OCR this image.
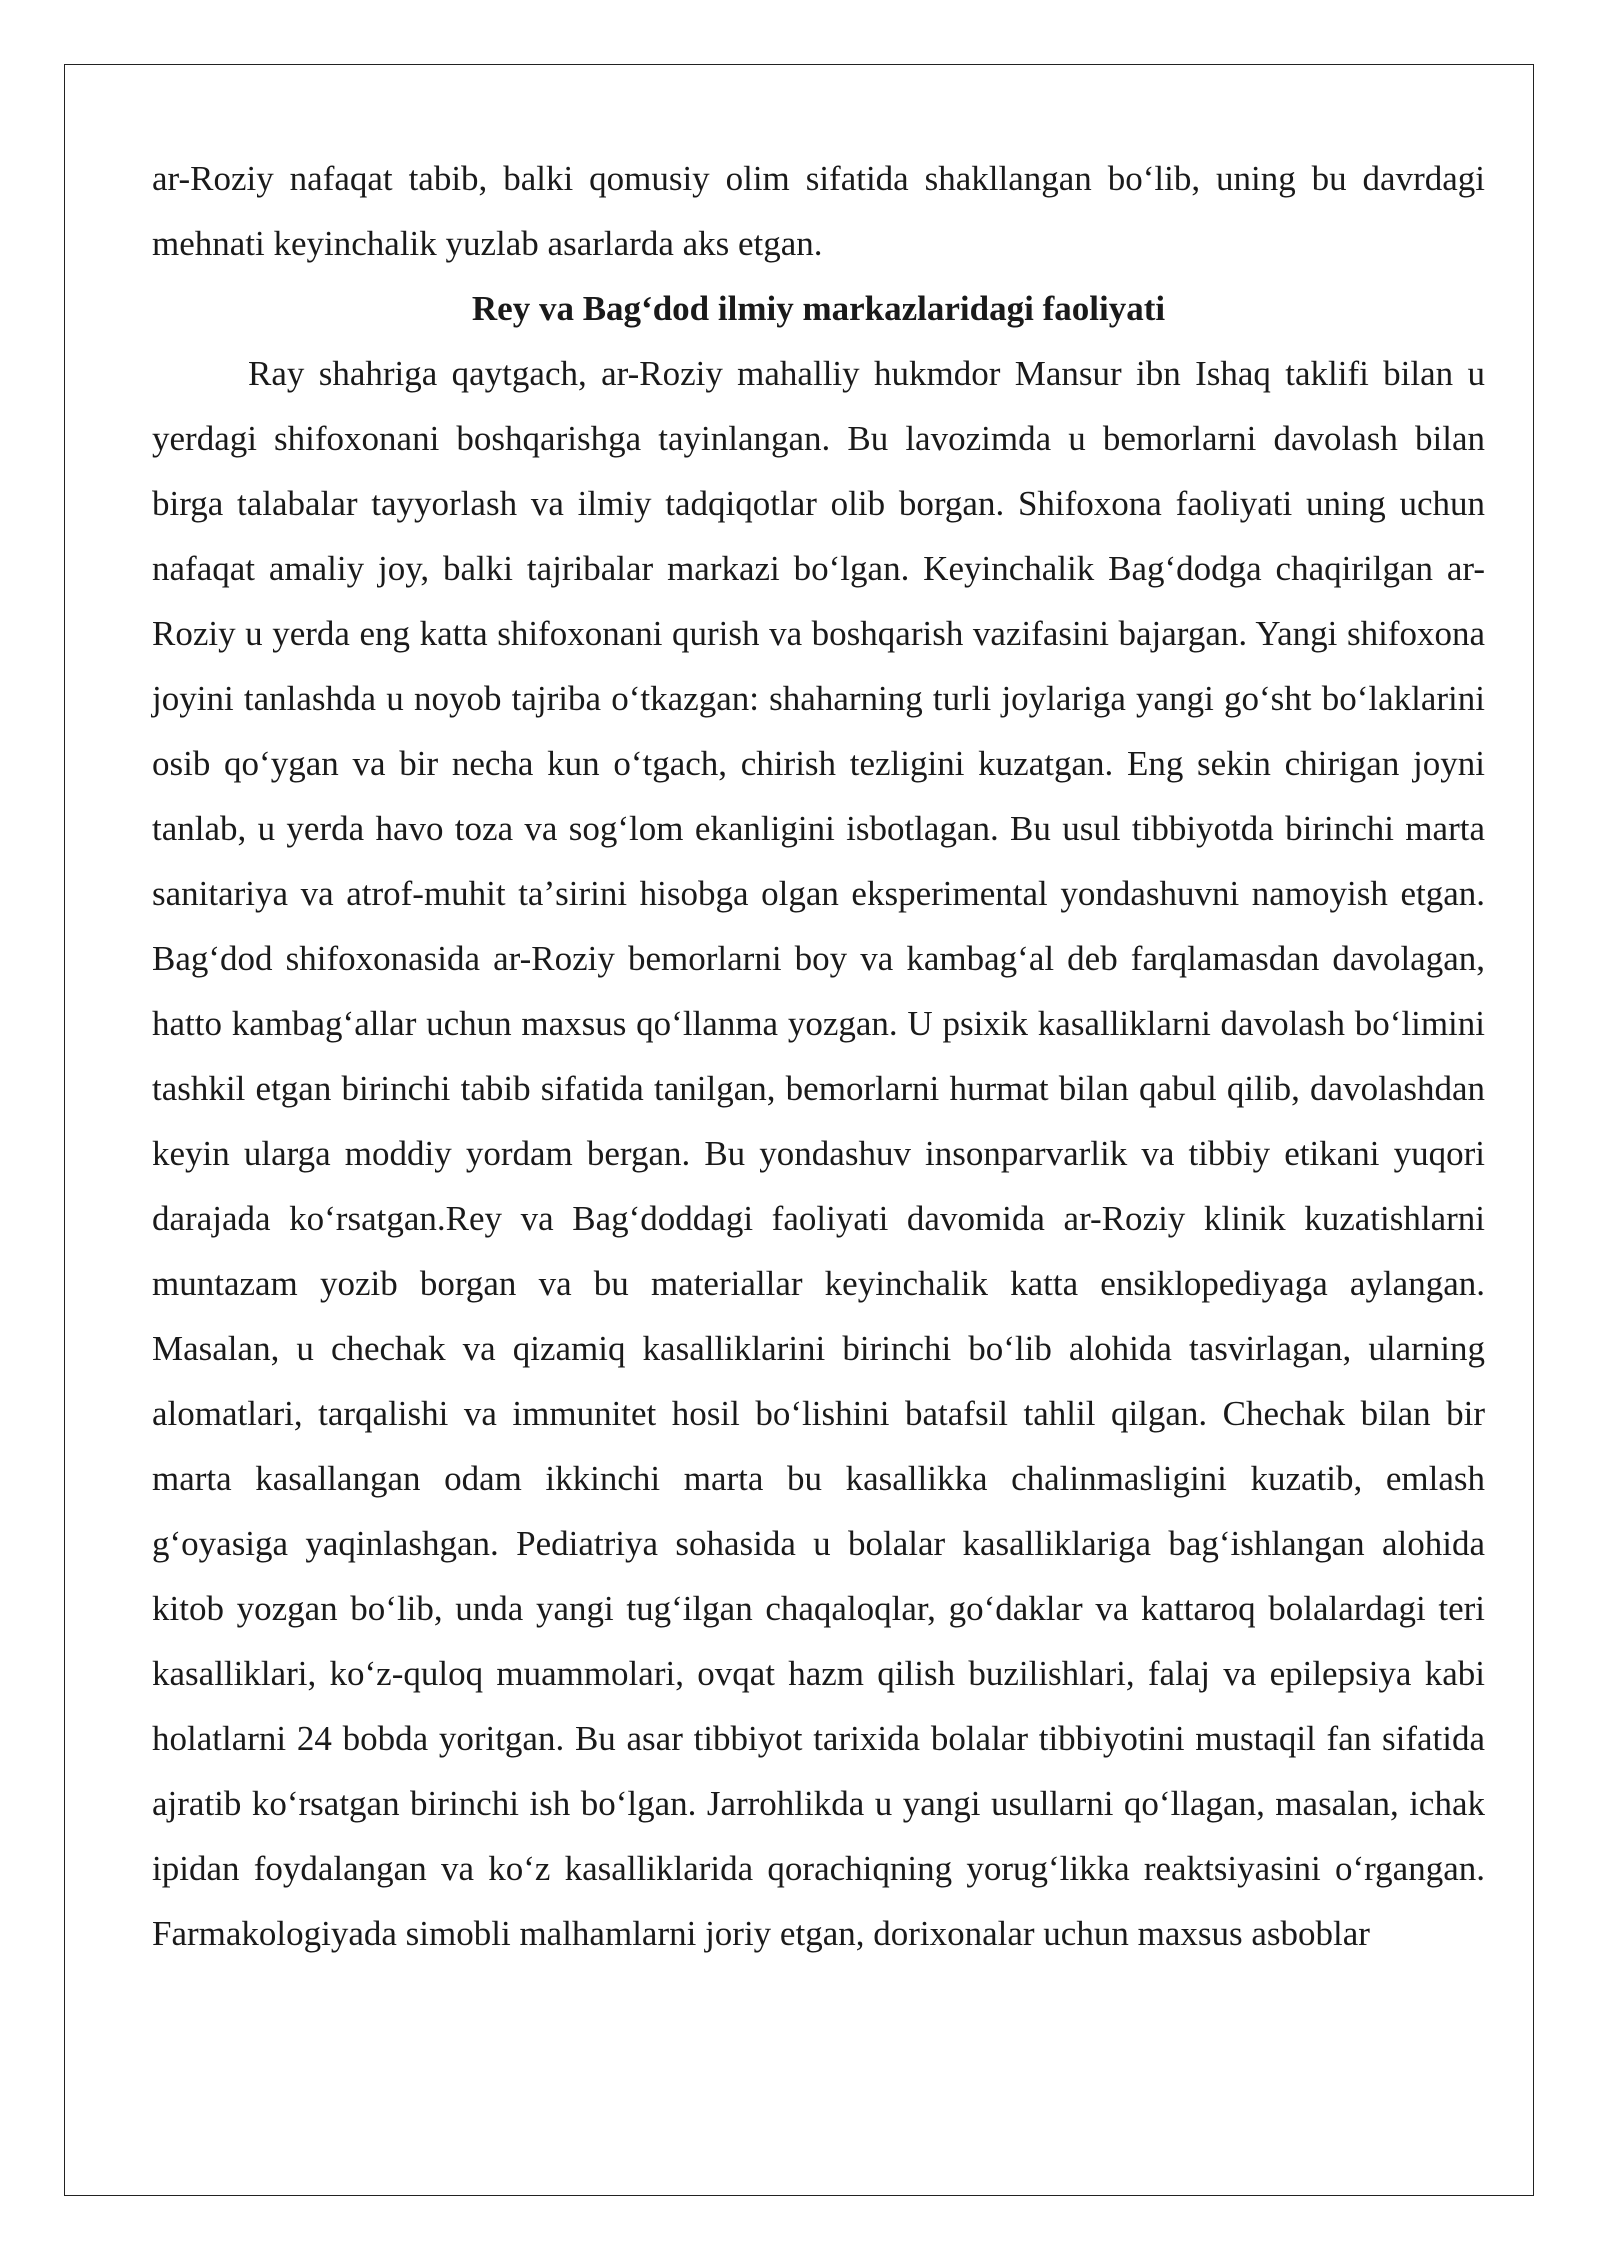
ar-Roziy nafaqat tabib, balki qomusiy olim sifatida shakllangan boʻlib, uning bu davrdagi mehnati keyinchalik yuzlab asarlarda aks etgan.

Rey va Bagʻdod ilmiy markazlaridagi faoliyati

Ray shahriga qaytgach, ar-Roziy mahalliy hukmdor Mansur ibn Ishaq taklifi bilan u yerdagi shifoxonani boshqarishga tayinlangan. Bu lavozimda u bemorlarni davolash bilan birga talabalar tayyorlash va ilmiy tadqiqotlar olib borgan. Shifoxona faoliyati uning uchun nafaqat amaliy joy, balki tajribalar markazi boʻlgan. Keyinchalik Bagʻdodga chaqirilgan ar-Roziy u yerda eng katta shifoxonani qurish va boshqarish vazifasini bajargan. Yangi shifoxona joyini tanlashda u noyob tajriba oʻtkazgan: shaharning turli joylariga yangi goʻsht boʻlaklarini osib qoʻygan va bir necha kun oʻtgach, chirish tezligini kuzatgan. Eng sekin chirigan joyni tanlab, u yerda havo toza va sogʻlom ekanligini isbotlagan. Bu usul tibbiyotda birinchi marta sanitariya va atrof-muhit taʼsirini hisobga olgan eksperimental yondashuvni namoyish etgan. Bagʻdod shifoxonasida ar-Roziy bemorlarni boy va kambagʻal deb farqlamasdan davolagan, hatto kambagʻallar uchun maxsus qoʻllanma yozgan. U psixik kasalliklarni davolash boʻlimini tashkil etgan birinchi tabib sifatida tanilgan, bemorlarni hurmat bilan qabul qilib, davolashdan keyin ularga moddiy yordam bergan. Bu yondashuv insonparvarlik va tibbiy etikani yuqori darajada koʻrsatgan.Rey va Bagʻdoddagi faoliyati davomida ar-Roziy klinik kuzatishlarni muntazam yozib borgan va bu materiallar keyinchalik katta ensiklopediyaga aylangan. Masalan, u chechak va qizamiq kasalliklarini birinchi boʻlib alohida tasvirlagan, ularning alomatlari, tarqalishi va immunitet hosil boʻlishini batafsil tahlil qilgan. Chechak bilan bir marta kasallangan odam ikkinchi marta bu kasallikka chalinmasligini kuzatib, emlash gʻoyasiga yaqinlashgan. Pediatriya sohasida u bolalar kasalliklariga bagʻishlangan alohida kitob yozgan boʻlib, unda yangi tugʻilgan chaqaloqlar, goʻdaklar va kattaroq bolalardagi teri kasalliklari, koʻz-quloq muammolari, ovqat hazm qilish buzilishlari, falaj va epilepsiya kabi holatlarni 24 bobda yoritgan. Bu asar tibbiyot tarixida bolalar tibbiyotini mustaqil fan sifatida ajratib koʻrsatgan birinchi ish boʻlgan. Jarrohlikda u yangi usullarni qoʻllagan, masalan, ichak ipidan foydalangan va koʻz kasalliklarida qorachiqning yorugʻlikka reaktsiyasini oʻrgangan. Farmakologiyada simobli malhamlarni joriy etgan, dorixonalar uchun maxsus asboblar
